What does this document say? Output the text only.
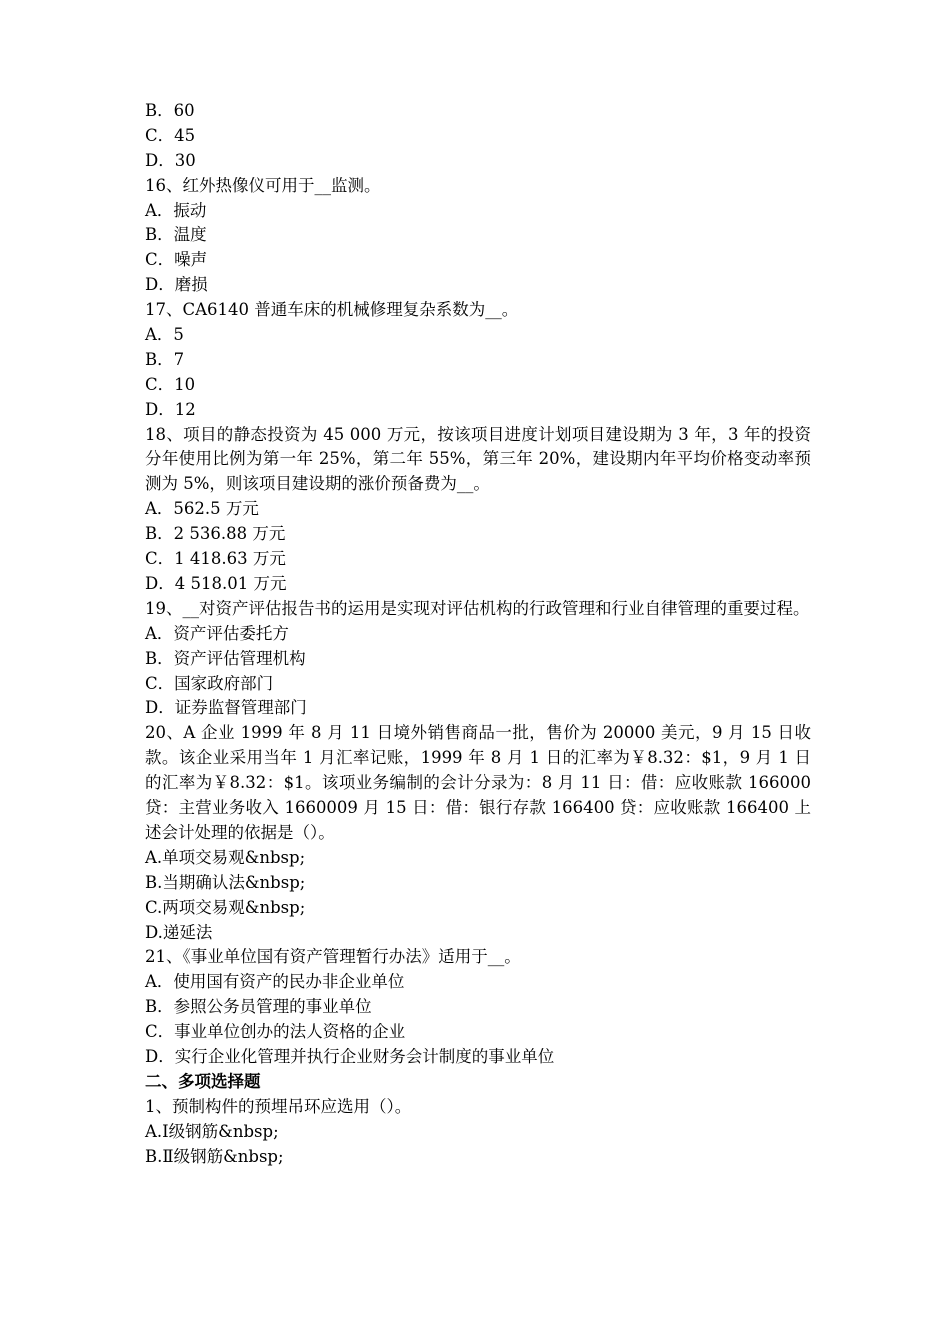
B．60
C．45
D．30
16、红外热像仪可用于__监测。
A．振动
B．温度
C．噪声
D．磨损
17、CA6140 普通车床的机械修理复杂系数为__。
A．5
B．7
C．10
D．12
18、项目的静态投资为 45 000 万元，按该项目进度计划项目建设期为 3 年，3 年的投资分年使用比例为第一年 25%，第二年 55%，第三年 20%，建设期内年平均价格变动率预测为 5%，则该项目建设期的涨价预备费为__。
A．562.5 万元
B．2 536.88 万元
C．1 418.63 万元
D．4 518.01 万元
19、__对资产评估报告书的运用是实现对评估机构的行政管理和行业自律管理的重要过程。
A．资产评估委托方
B．资产评估管理机构
C．国家政府部门
D．证券监督管理部门
20、A 企业 1999 年 8 月 11 日境外销售商品一批，售价为 20000 美元，9 月 15 日收款。该企业采用当年 1 月汇率记账，1999 年 8 月 1 日的汇率为￥8.32：$1，9 月 1 日的汇率为￥8.32：$1。该项业务编制的会计分录为：8 月 11 日：借：应收账款 166000 贷：主营业务收入 1660009 月 15 日：借：银行存款 166400 贷：应收账款 166400 上述会计处理的依据是（）。
A.单项交易观&nbsp;
B.当期确认法&nbsp;
C.两项交易观&nbsp;
D.递延法
21、《事业单位国有资产管理暂行办法》适用于__。
A．使用国有资产的民办非企业单位
B．参照公务员管理的事业单位
C．事业单位创办的法人资格的企业
D．实行企业化管理并执行企业财务会计制度的事业单位
二、多项选择题
1、预制构件的预埋吊环应选用（）。
A.Ⅰ级钢筋&nbsp;
B.Ⅱ级钢筋&nbsp;
